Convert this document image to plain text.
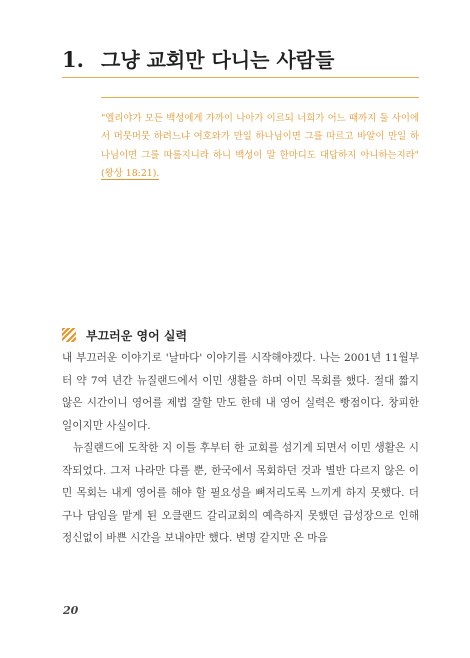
1. 그냥 교회만 다니는 사람들
"엘리야가 모든 백성에게 가까이 나아가 이르되 너희가 어느 때까지 둘 사이에서 머뭇머뭇 하려느냐 여호와가 만일 하나님이면 그를 따르고 바알이 만일 하나님이면 그를 따를지니라 하니 백성이 말 한마디도 대답하지 아니하는지라"(왕상 18:21).
부끄러운 영어 실력

내 부끄러운 이야기로 '날마다' 이야기를 시작해야겠다. 나는 2001년 11월부터 약 7여 년간 뉴질랜드에서 이민 생활을 하며 이민 목회를 했다. 절대 짧지 않은 시간이니 영어를 제법 잘할 만도 한데 내 영어 실력은 빵점이다. 창피한 일이지만 사실이다.

뉴질랜드에 도착한 지 이틀 후부터 한 교회를 섬기게 되면서 이민 생활은 시작되었다. 그저 나라만 다를 뿐, 한국에서 목회하던 것과 별반 다르지 않은 이민 목회는 내게 영어를 해야 할 필요성을 뼈저리도록 느끼게 하지 못했다. 더구나 담임을 맡게 된 오클랜드 갈리교회의 예측하지 못했던 급성장으로 인해 정신없이 바쁜 시간을 보내야만 했다. 변명 같지만 온 마음

20
